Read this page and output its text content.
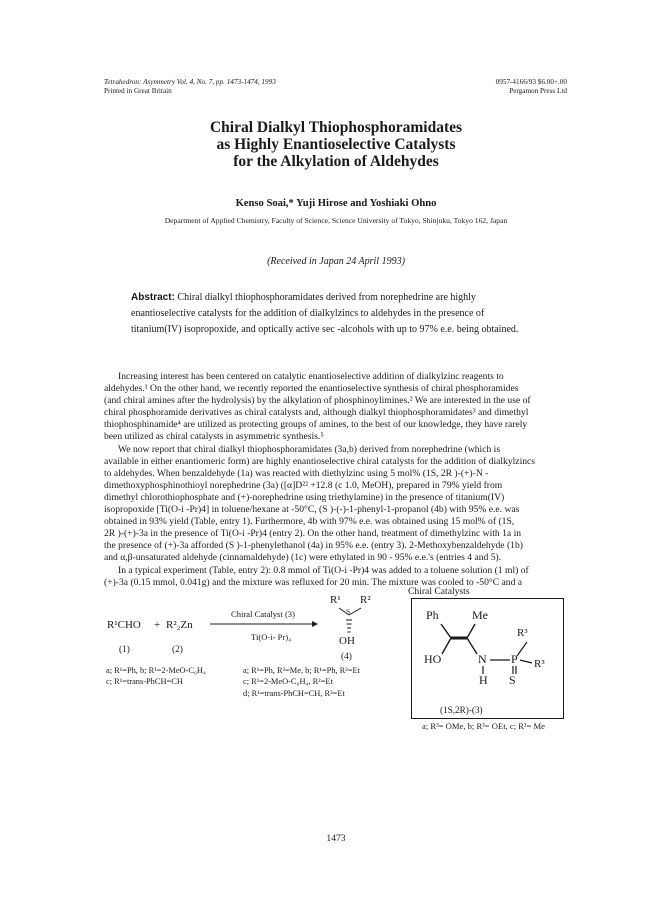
Tetrahedron: Asymmetry Vol. 4, No. 7, pp. 1473-1474, 1993
Printed in Great Britain
0957-4166/93 $6.00+.00
Pergamon Press Ltd
Chiral Dialkyl Thiophosphoramidates
as Highly Enantioselective Catalysts
for the Alkylation of Aldehydes
Kenso Soai,* Yuji Hirose and Yoshiaki Ohno
Department of Applied Chemistry, Faculty of Science, Science University of Tokyo, Shinjuku, Tokyo 162, Japan
(Received in Japan 24 April 1993)
Abstract: Chiral dialkyl thiophosphoramidates derived from norephedrine are highly
enantioselective catalysts for the addition of dialkylzincs to aldehydes in the presence of
titanium(IV) isopropoxide, and optically active sec -alcohols with up to 97% e.e. being obtained.
Increasing interest has been centered on catalytic enantioselective addition of dialkylzinc reagents to
aldehydes.¹ On the other hand, we recently reported the enantioselective synthesis of chiral phosphoramides
(and chiral amines after the hydrolysis) by the alkylation of phosphinoylimines.² We are interested in the use of
chiral phosphoramide derivatives as chiral catalysts and, although dialkyl thiophosphoramidates³ and dimethyl
thiophosphinamide⁴ are utilized as protecting groups of amines, to the best of our knowledge, they have rarely
been utilized as chiral catalysts in asymmetric synthesis.⁵
We now report that chiral dialkyl thiophosphoramidates (3a,b) derived from norephedrine (which is
available in either enantiomeric form) are highly enantioselective chiral catalysts for the addition of dialkylzincs
to aldehydes. When benzaldehyde (1a) was reacted with diethylzinc using 5 mol% (1S, 2R )-(+)-N -
dimethoxyphosphinothioyl norephedrine (3a) ([α]D²² +12.8 (c 1.0, MeOH), prepared in 79% yield from
dimethyl chlorothiophosphate and (+)-norephedrine using triethylamine) in the presence of titanium(IV)
isopropoxide [Ti(O-i -Pr)4] in toluene/hexane at -50°C, (S )-(-)-1-phenyl-1-propanol (4b) with 95% e.e. was
obtained in 93% yield (Table, entry 1). Furthermore, 4b with 97% e.e. was obtained using 15 mol% of (1S,
2R )-(+)-3a in the presence of Ti(O-i -Pr)4 (entry 2). On the other hand, treatment of dimethylzinc with 1a in
the presence of (+)-3a afforded (S )-1-phenylethanol (4a) in 95% e.e. (entry 3). 2-Methoxybenzaldehyde (1b)
and α,β-unsaturated aldehyde (cinnamaldehyde) (1c) were ethylated in 90 - 95% e.e.'s (entries 4 and 5).
In a typical experiment (Table, entry 2): 0.8 mmol of Ti(O-i -Pr)4 was added to a toluene solution (1 ml) of
(+)-3a (0.15 mmol, 0.041g) and the mixture was refluxed for 20 min. The mixture was cooled to -50°C and a
R¹CHO + R²₂Zn
Chiral Catalyst (3)
Ti(O-i- Pr)₄
(1)	(2)
a; R¹=Ph, b; R¹=2-MeO-C₆H₄
c; R¹=trans-PhCH=CH
R¹
S
R²
OH
(4)
a; R¹=Ph, R²=Me, b; R¹=Ph, R²=Et
c; R¹=2-MeO-C₆H₄, R²=Et
d; R¹=trans-PhCH=CH, R²=Et
Chiral Catalysts
Ph	Me
R³
HO	N P R³
H S
(1S,2R)-(3)
a; R³= OMe, b; R³= OEt, c; R³= Me
1473
